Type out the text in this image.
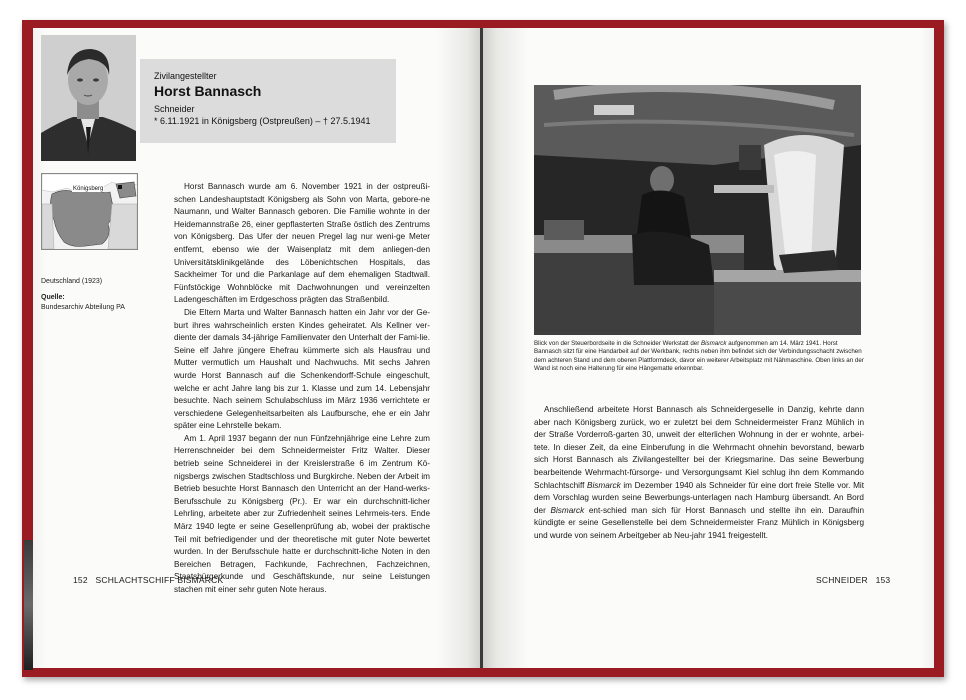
Zivilangestellter
Horst Bannasch
Schneider
* 6.11.1921 in Königsberg (Ostpreußen) – † 27.5.1941
Königsberg
Deutschland (1923)
Quelle:
Bundesarchiv Abteilung PA

Horst Bannasch wurde am 6. November 1921 in der ostpreußi-schen Landeshauptstadt Königsberg als Sohn von Marta, gebore-ne Naumann, und Walter Bannasch geboren. Die Familie wohnte in der Heidemannstraße 26, einer gepflasterten Straße östlich des Zentrums von Königsberg. Das Ufer der neuen Pregel lag nur weni-ge Meter entfernt, ebenso wie der Waisenplatz mit dem anliegen-den Universitätsklinikgelände des Löbenichtschen Hospitals, das Sackheimer Tor und die Parkanlage auf dem ehemaligen Stadtwall. Fünfstöckige Wohnblöcke mit Dachwohnungen und vereinzelten Ladengeschäften im Erdgeschoss prägten das Straßenbild.

Die Eltern Marta und Walter Bannasch hatten ein Jahr vor der Ge-burt ihres wahrscheinlich ersten Kindes geheiratet. Als Kellner ver-diente der damals 34-jährige Familienvater den Unterhalt der Fami-lie. Seine elf Jahre jüngere Ehefrau kümmerte sich als Hausfrau und Mutter vermutlich um Haushalt und Nachwuchs. Mit sechs Jahren wurde Horst Bannasch auf die Schenkendorff-Schule eingeschult, welche er acht Jahre lang bis zur 1. Klasse und zum 14. Lebensjahr besuchte. Nach seinem Schulabschluss im März 1936 verrichtete er verschiedene Gelegenheitsarbeiten als Laufbursche, ehe er ein Jahr später eine Lehrstelle bekam.

Am 1. April 1937 begann der nun Fünfzehnjährige eine Lehre zum Herrenschneider bei dem Schneidermeister Fritz Walter. Dieser betrieb seine Schneiderei in der Kreislerstraße 6 im Zentrum Kö-nigsbergs zwischen Stadtschloss und Burgkirche. Neben der Arbeit im Betrieb besuchte Horst Bannasch den Unterricht an der Hand-werks-Berufsschule zu Königsberg (Pr.). Er war ein durchschnitt-licher Lehrling, arbeitete aber zur Zufriedenheit seines Lehrmeis-ters. Ende März 1940 legte er seine Gesellenprüfung ab, wobei der praktische Teil mit befriedigender und der theoretische mit guter Note bewertet wurden. In der Berufsschule hatte er durchschnitt-liche Noten in den Bereichen Betragen, Fachkunde, Fachrechnen, Fachzeichnen, Staatsbürgerkunde und Geschäftskunde, nur seine Leistungen stachen mit einer sehr guten Note heraus.

152 SCHLACHTSCHIFF BISMARCK
Blick von der Steuerbordseite in die Schneider Werkstatt der Bismarck aufgenommen am 14. März 1941. Horst Bannasch sitzt für eine Handarbeit auf der Werkbank, rechts neben ihm befindet sich der Verbindungsschacht zwischen dem achteren Stand und dem oberen Plattformdeck, davor ein weiterer Arbeitsplatz mit Nähmaschine. Oben links an der Wand ist noch eine Halterung für eine Hängematte erkennbar.

Anschließend arbeitete Horst Bannasch als Schneidergeselle in Danzig, kehrte dann aber nach Königsberg zurück, wo er zuletzt bei dem Schneidermeister Franz Mühlich in der Straße Vorderroß-garten 30, unweit der elterlichen Wohnung in der er wohnte, arbei-tete. In dieser Zeit, da eine Einberufung in die Wehrmacht ohnehin bevorstand, bewarb sich Horst Bannasch als Zivilangestellter bei der Kriegsmarine. Das seine Bewerbung bearbeitende Wehrmacht-fürsorge- und Versorgungsamt Kiel schlug ihn dem Kommando Schlachtschiff Bismarck im Dezember 1940 als Schneider für eine dort freie Stelle vor. Mit dem Vorschlag wurden seine Bewerbungs-unterlagen nach Hamburg übersandt. An Bord der Bismarck ent-schied man sich für Horst Bannasch und stellte ihn ein. Daraufhin kündigte er seine Gesellenstelle bei dem Schneidermeister Franz Mühlich in Königsberg und wurde von seinem Arbeitgeber ab Neu-jahr 1941 freigestellt.

SCHNEIDER 153
